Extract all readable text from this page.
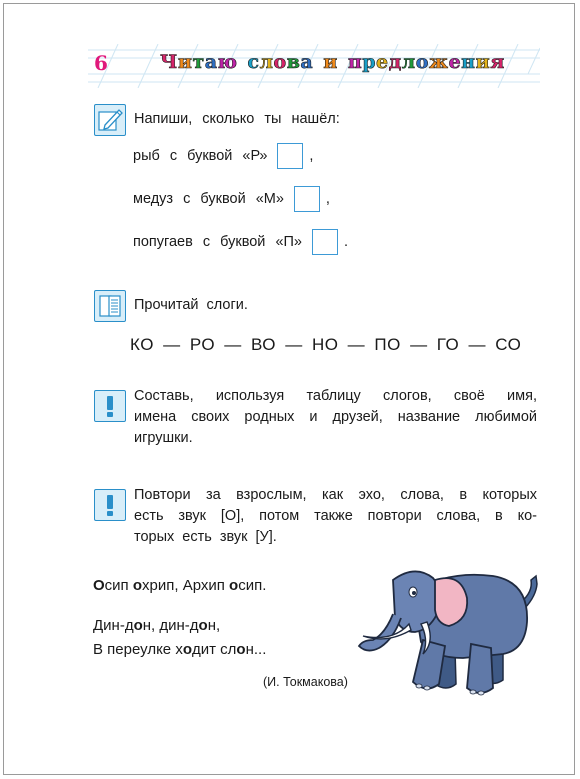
6	Читаю слова и предложения
Напиши, сколько ты нашёл:
рыб с буквой «Р»	,
медуз с буквой «М»	,
попугаев с буквой «П»	.
Прочитай слоги.
КО — РО — ВО — НО — ПО — ГО — СО
Составь, используя таблицу слогов, своё имя,
имена своих родных и друзей, название любимой
игрушки.
Повтори за взрослым, как эхо, слова, в которых
есть звук [О], потом также повтори слова, в ко-
торых есть звук [У].
Осип охрип, Архип осип.
Дин-дон, дин-дон,
В переулке ходит слон...
(И. Токмакова)
